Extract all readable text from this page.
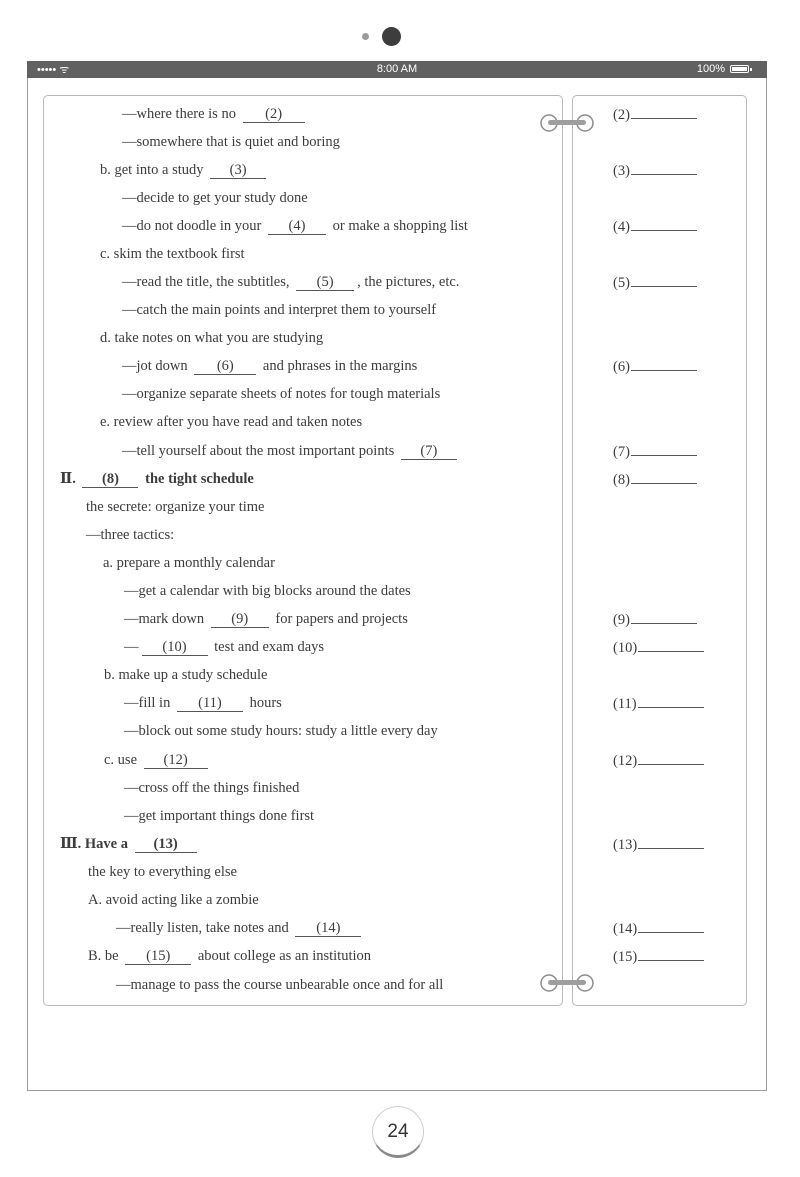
••••• ᯤ	8:00 AM	100%
—where there is no (2)
—somewhere that is quiet and boring
b. get into a study (3)
—decide to get your study done
—do not doodle in your (4) or make a shopping list
c. skim the textbook first
—read the title, the subtitles, (5) , the pictures, etc.
—catch the main points and interpret them to yourself
d. take notes on what you are studying
—jot down (6) and phrases in the margins
—organize separate sheets of notes for tough materials
e. review after you have read and taken notes
—tell yourself about the most important points (7)
Ⅱ. (8) the tight schedule
the secrete: organize your time
—three tactics:
a. prepare a monthly calendar
—get a calendar with big blocks around the dates
—mark down (9) for papers and projects
— (10) test and exam days
b. make up a study schedule
—fill in (11) hours
—block out some study hours: study a little every day
c. use (12)
—cross off the things finished
—get important things done first
Ⅲ. Have a (13)
the key to everything else
A. avoid acting like a zombie
—really listen, take notes and (14)
B. be (15) about college as an institution
—manage to pass the course unbearable once and for all
(2)
(3)
(4)
(5)
(6)
(7)
(8)
(9)
(10)
(11)
(12)
(13)
(14)
(15)
24
